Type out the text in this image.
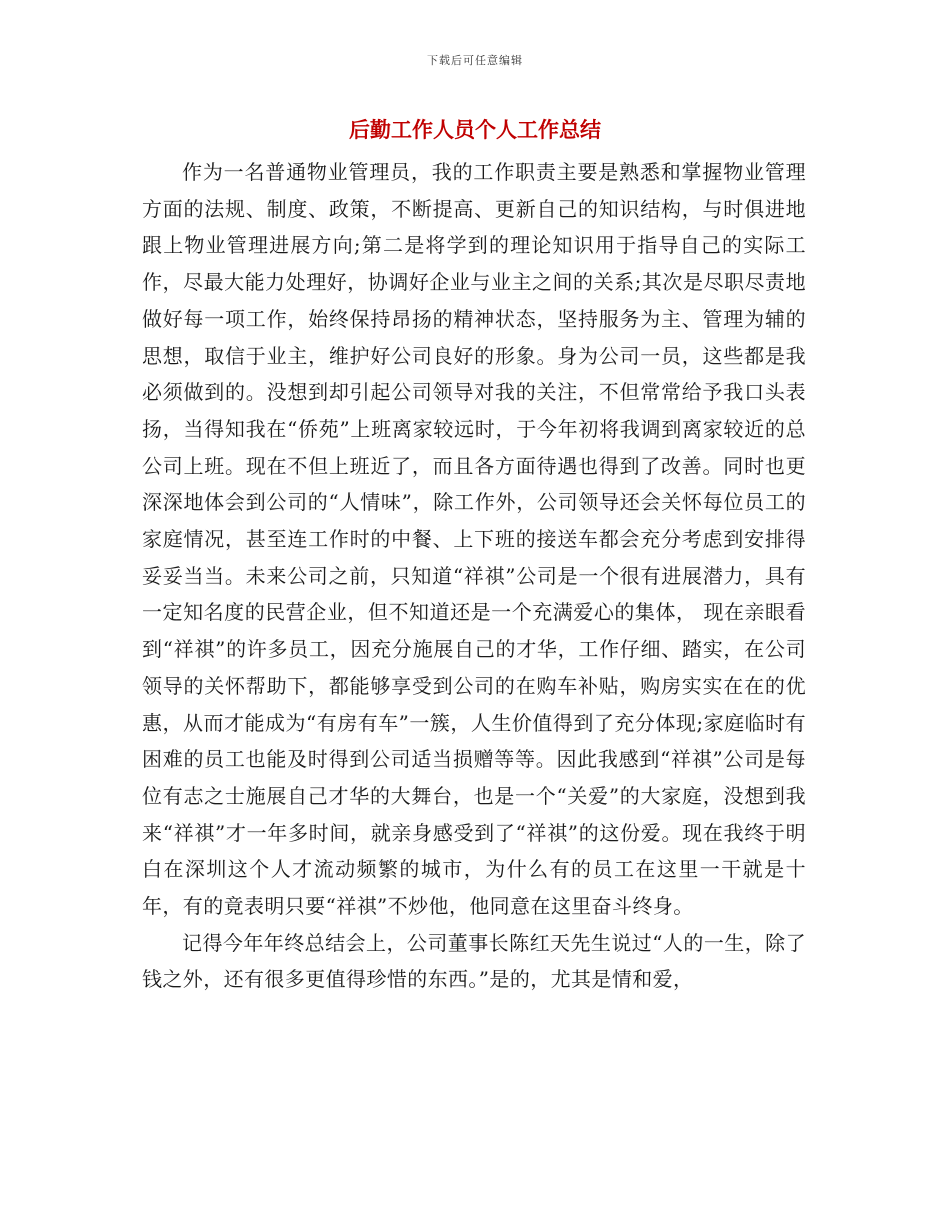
下载后可任意编辑
后勤工作人员个人工作总结

作为一名普通物业管理员，我的工作职责主要是熟悉和掌握物业管理方面的法规、制度、政策，不断提高、更新自己的知识结构，与时俱进地跟上物业管理进展方向;第二是将学到的理论知识用于指导自己的实际工作，尽最大能力处理好，协调好企业与业主之间的关系;其次是尽职尽责地做好每一项工作，始终保持昂扬的精神状态，坚持服务为主、管理为辅的思想，取信于业主，维护好公司良好的形象。身为公司一员，这些都是我必须做到的。没想到却引起公司领导对我的关注，不但常常给予我口头表扬，当得知我在“侨苑”上班离家较远时，于今年初将我调到离家较近的总公司上班。现在不但上班近了，而且各方面待遇也得到了改善。同时也更深深地体会到公司的“人情味”，除工作外，公司领导还会关怀每位员工的家庭情况，甚至连工作时的中餐、上下班的接送车都会充分考虑到安排得妥妥当当。未来公司之前，只知道“祥祺”公司是一个很有进展潜力，具有一定知名度的民营企业，但不知道还是一个充满爱心的集体， 现在亲眼看到“祥祺”的许多员工，因充分施展自己的才华，工作仔细、踏实，在公司领导的关怀帮助下，都能够享受到公司的在购车补贴，购房实实在在的优惠，从而才能成为“有房有车”一簇，人生价值得到了充分体现;家庭临时有困难的员工也能及时得到公司适当损赠等等。因此我感到“祥祺”公司是每位有志之士施展自己才华的大舞台，也是一个“关爱”的大家庭，没想到我来“祥祺”才一年多时间，就亲身感受到了“祥祺”的这份爱。现在我终于明白在深圳这个人才流动频繁的城市，为什么有的员工在这里一干就是十年，有的竟表明只要“祥祺”不炒他，他同意在这里奋斗终身。

记得今年年终总结会上，公司董事长陈红天先生说过“人的一生，除了钱之外，还有很多更值得珍惜的东西。”是的，尤其是情和爱，
